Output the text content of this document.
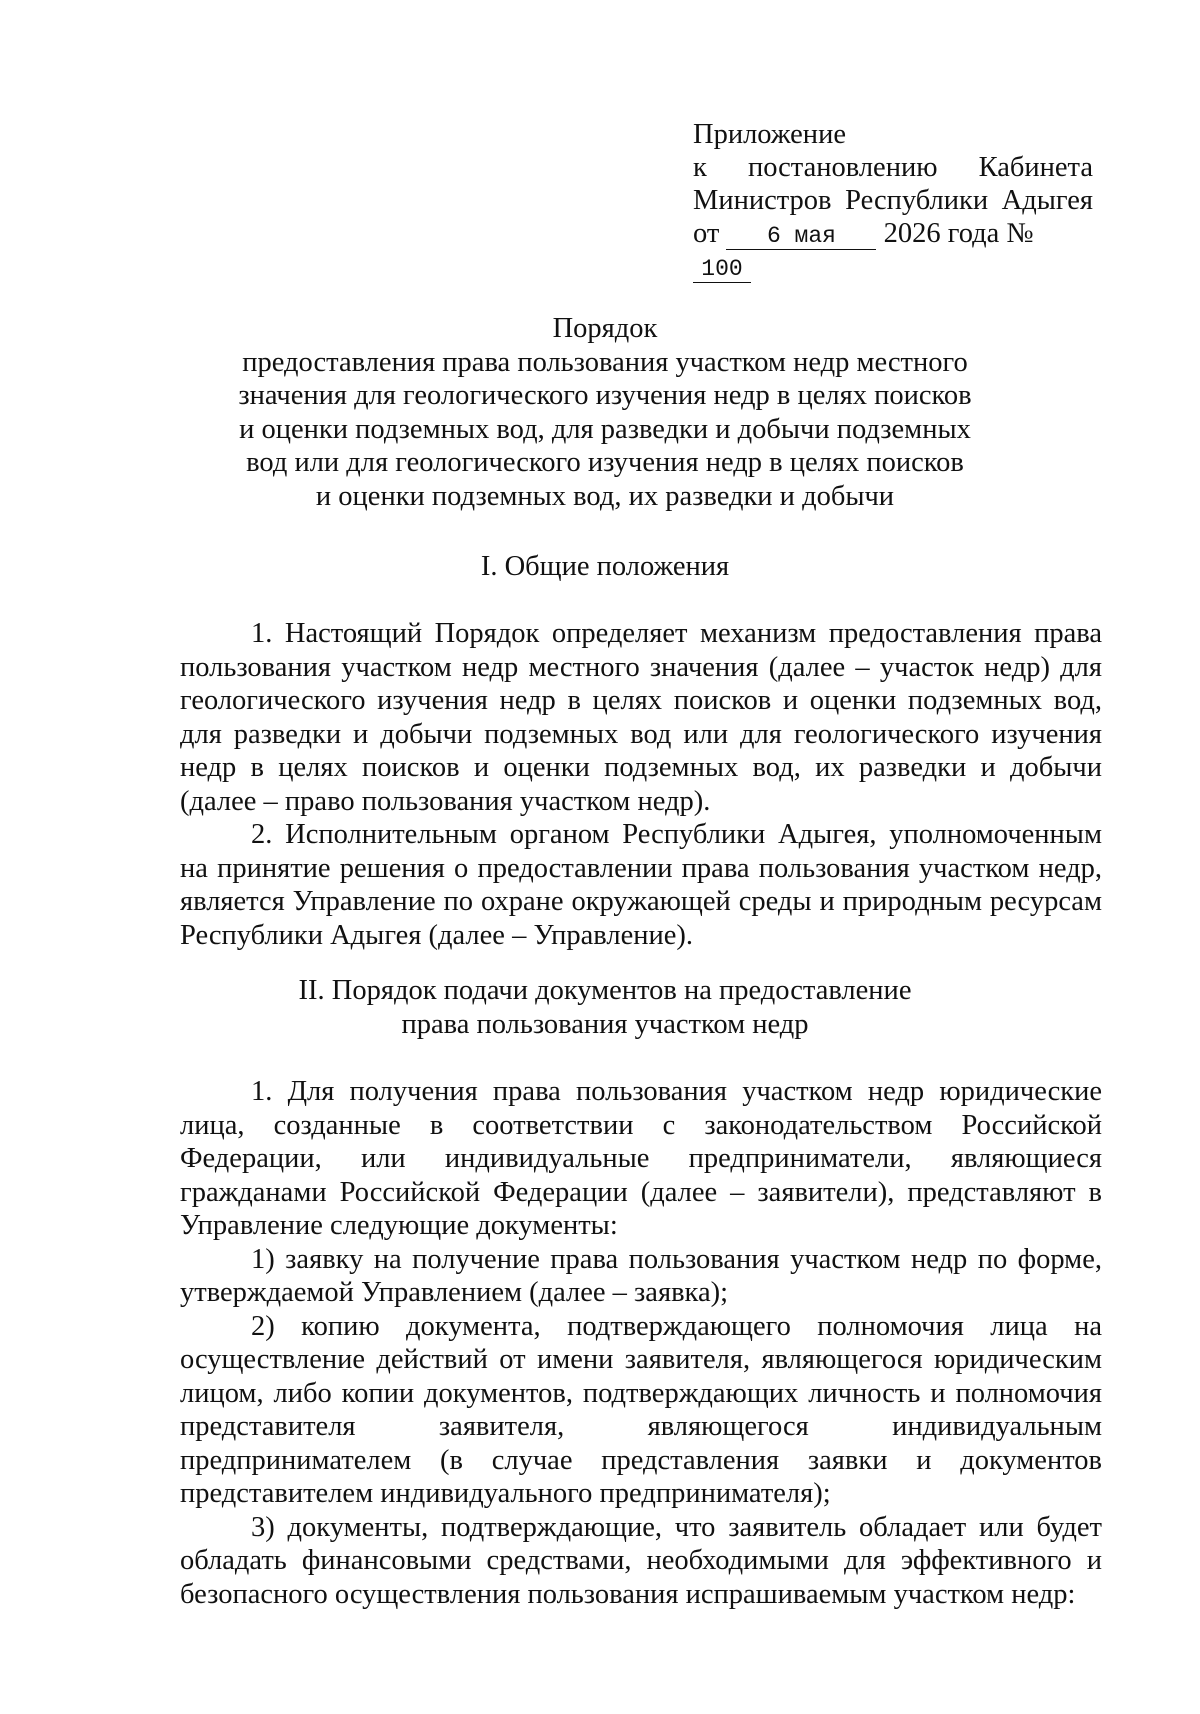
Приложение
к постановлению Кабинета
Министров Республики Адыгея
от 6 мая 2026 года № 100
Порядок
предоставления права пользования участком недр местного
значения для геологического изучения недр в целях поисков
и оценки подземных вод, для разведки и добычи подземных
вод или для геологического изучения недр в целях поисков
и оценки подземных вод, их разведки и добычи
I. Общие положения

1. Настоящий Порядок определяет механизм предоставления права пользования участком недр местного значения (далее – участок недр) для геологического изучения недр в целях поисков и оценки подземных вод, для разведки и добычи подземных вод или для геологического изучения недр в целях поисков и оценки подземных вод, их разведки и добычи (далее – право пользования участком недр).

2. Исполнительным органом Республики Адыгея, уполномоченным на принятие решения о предоставлении права пользования участком недр, является Управление по охране окружающей среды и природным ресурсам Республики Адыгея (далее – Управление).

II. Порядок подачи документов на предоставление
права пользования участком недр

1. Для получения права пользования участком недр юридические лица, созданные в соответствии с законодательством Российской Федерации, или индивидуальные предприниматели, являющиеся гражданами Российской Федерации (далее – заявители), представляют в Управление следующие документы:

1) заявку на получение права пользования участком недр по форме, утверждаемой Управлением (далее – заявка);

2) копию документа, подтверждающего полномочия лица на осуществление действий от имени заявителя, являющегося юридическим лицом, либо копии документов, подтверждающих личность и полномочия представителя заявителя, являющегося индивидуальным предпринимателем (в случае представления заявки и документов представителем индивидуального предпринимателя);

3) документы, подтверждающие, что заявитель обладает или будет обладать финансовыми средствами, необходимыми для эффективного и безопасного осуществления пользования испрашиваемым участком недр:
